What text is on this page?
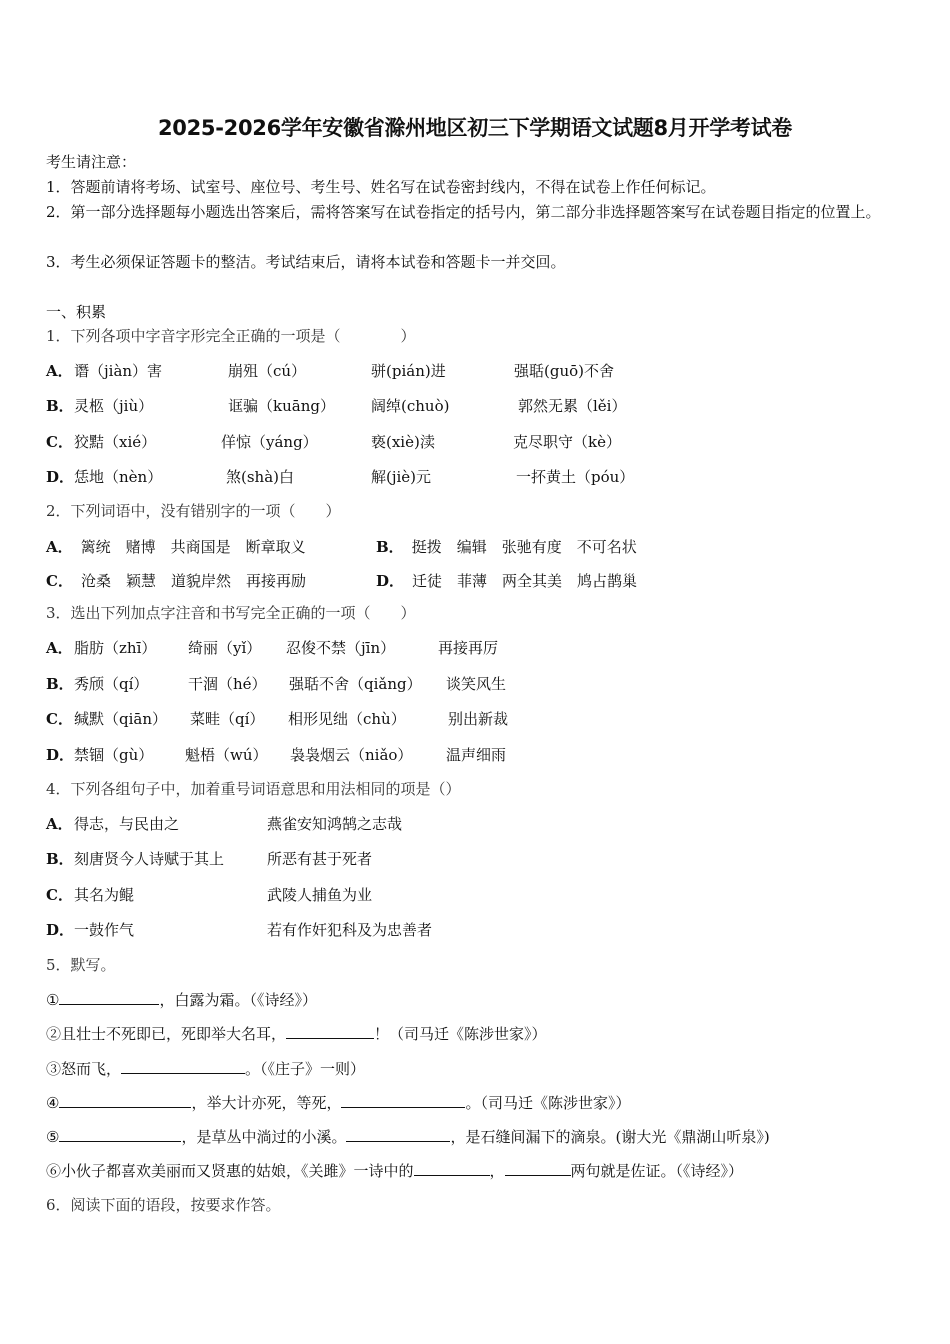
2025-2026学年安徽省滁州地区初三下学期语文试题8月开学考试卷
考生请注意：
1．答题前请将考场、试室号、座位号、考生号、姓名写在试卷密封线内，不得在试卷上作任何标记。
2．第一部分选择题每小题选出答案后，需将答案写在试卷指定的括号内，第二部分非选择题答案写在试卷题目指定的位置上。
3．考生必须保证答题卡的整洁。考试结束后，请将本试卷和答题卡一并交回。
一、积累
1．下列各项中字音字形完全正确的一项是（　　　　）
A． 谮（jiàn）害	崩殂（cú）	骈(pián)进	强聒(guō)不舍
B． 灵柩（jiù）	诓骗（kuāng） 阔绰(chuò)	郭然无累（lěi）
C． 狡黠（xié）	佯惊（yáng）	亵(xiè)渎	克尽职守（kè）
D． 恁地（nèn）	煞(shà)白	解(jiè)元	一抔黄土（póu）
2．下列词语中，没有错别字的一项（　　）
A． 篱统　赌博　共商国是　断章取义	B． 挺拨　编辑　张驰有度　不可名状
C． 沧桑　颖慧　道貌岸然　再接再励	D． 迁徒　菲薄　两全其美　鸠占鹊巢
3．选出下列加点字注音和书写完全正确的一项（　　）
A． 脂肪（zhī） 绮丽（yǐ） 忍俊不禁（jīn）	再接再厉
B． 秀颀（qí）	干涸（hé） 强聒不舍（qiǎng） 谈笑风生
C． 缄默（qiān） 菜畦（qí） 相形见绌（chù）	别出新裁
D． 禁锢（gù） 魁梧（wú） 袅袅烟云（niǎo） 温声细雨
4．下列各组句子中，加着重号词语意思和用法相同的项是（）
A． 得志，与民由之	燕雀安知鸿鹄之志哉
B． 刻唐贤今人诗赋于其上	所恶有甚于死者
C． 其名为鲲	武陵人捕鱼为业
D． 一鼓作气	若有作奸犯科及为忠善者
5．默写。
①	，白露为霜。（《诗经》）
②且壮士不死即已，死即举大名耳，	！（司马迁《陈涉世家》）
③怒而飞，	。（《庄子》一则）
④	，举大计亦死，等死，	。（司马迁《陈涉世家》）
⑤	，是草丛中淌过的小溪。	，是石缝间漏下的滴泉。(谢大光《鼎湖山听泉》)
⑥小伙子都喜欢美丽而又贤惠的姑娘，《关雎》一诗中的	，	两句就是佐证。（《诗经》）
6．阅读下面的语段，按要求作答。
